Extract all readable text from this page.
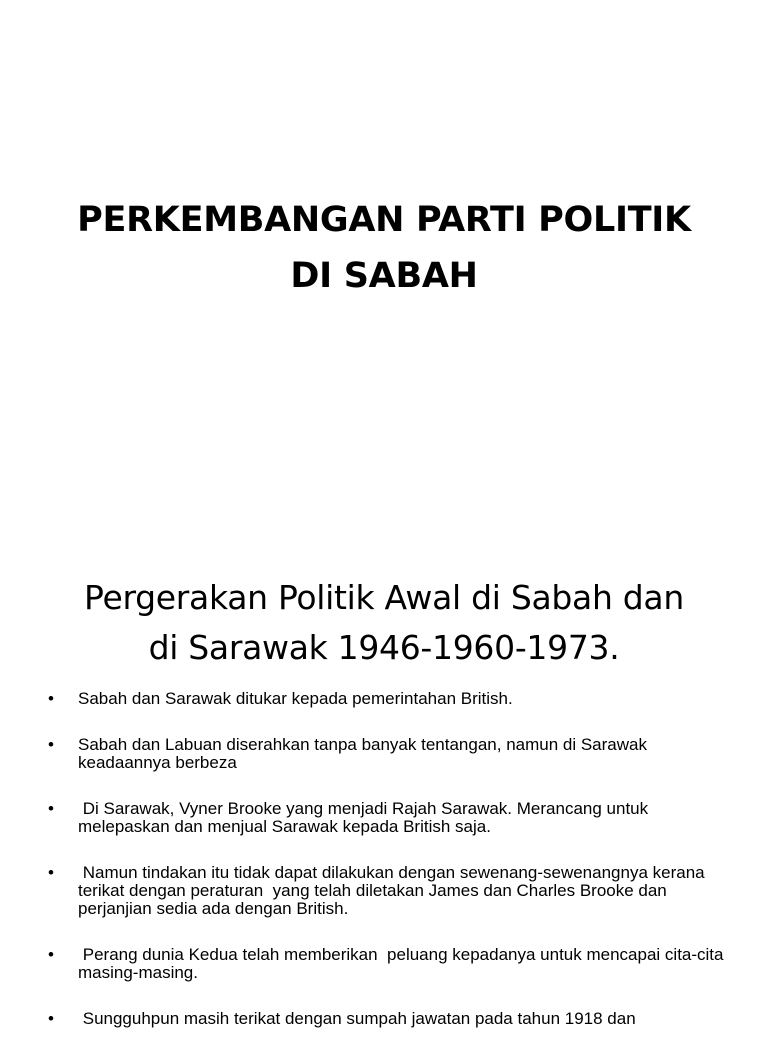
PERKEMBANGAN PARTI POLITIK
DI SABAH
Pergerakan Politik Awal di Sabah dan
di Sarawak 1946-1960-1973.
• Sabah dan Sarawak ditukar kepada pemerintahan British.
• Sabah dan Labuan diserahkan tanpa banyak tentangan, namun di Sarawak keadaannya berbeza
• Di Sarawak, Vyner Brooke yang menjadi Rajah Sarawak. Merancang untuk melepaskan dan menjual Sarawak kepada British saja.
• Namun tindakan itu tidak dapat dilakukan dengan sewenang-sewenangnya kerana  terikat dengan peraturan  yang telah diletakan James dan Charles Brooke dan perjanjian sedia ada dengan British.
• Perang dunia Kedua telah memberikan  peluang kepadanya untuk mencapai cita-cita masing-masing.
• Sungguhpun masih terikat dengan sumpah jawatan pada tahun 1918 dan
